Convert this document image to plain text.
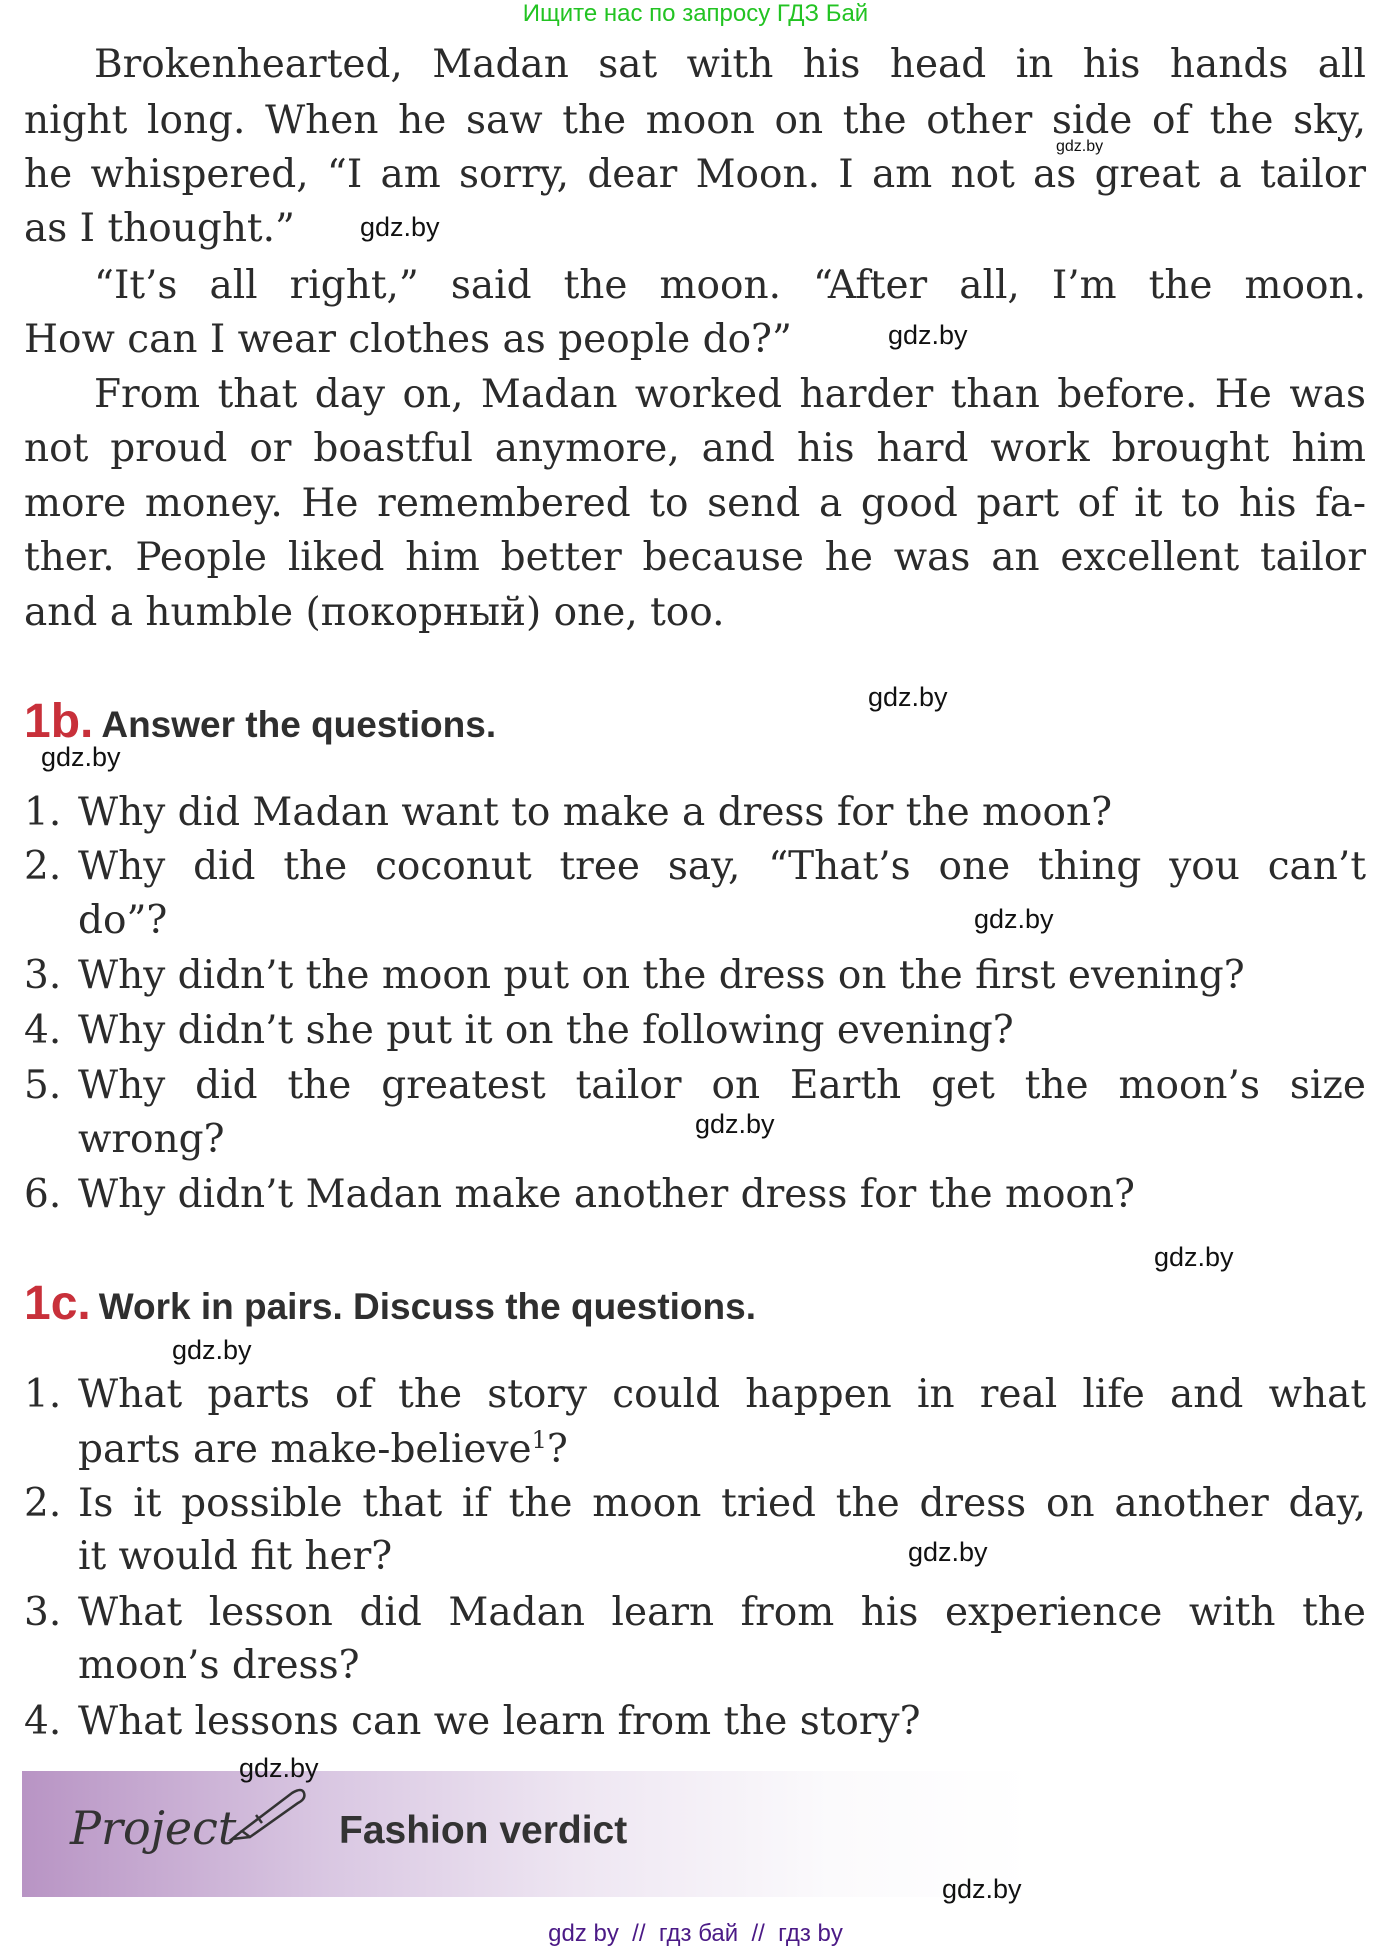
Ищите нас по запросу ГДЗ Бай
Brokenhearted, Madan sat with his head in his hands all
night long. When he saw the moon on the other side of the sky,
he whispered, “I am sorry, dear Moon. I am not as great a tailor
as I thought.”
“It’s all right,” said the moon. “After all, I’m the moon.
How can I wear clothes as people do?”
From that day on, Madan worked harder than before. He was
not proud or boastful anymore, and his hard work brought him
more money. He remembered to send a good part of it to his fa-
ther. People liked him better because he was an excellent tailor
and a humble (покорный) one, too.
1b. Answer the questions.
1. Why did Madan want to make a dress for the moon?
2. Why did the coconut tree say, “That’s one thing you can’t
do”?
3. Why didn’t the moon put on the dress on the first evening?
4. Why didn’t she put it on the following evening?
5. Why did the greatest tailor on Earth get the moon’s size
wrong?
6. Why didn’t Madan make another dress for the moon?
1c. Work in pairs. Discuss the questions.
1. What parts of the story could happen in real life and what
parts are make-believe$^1$?
2. Is it possible that if the moon tried the dress on another day,
it would fit her?
3. What lesson did Madan learn from his experience with the
moon’s dress?
4. What lessons can we learn from the story?
Project	Fashion verdict
gdz.by
gdz.by
gdz.by
gdz.by
gdz.by
gdz.by
gdz.by
gdz.by
gdz.by
gdz.by
gdz.by
gdz.by
gdz by  //  гдз бай  //  гдз by
